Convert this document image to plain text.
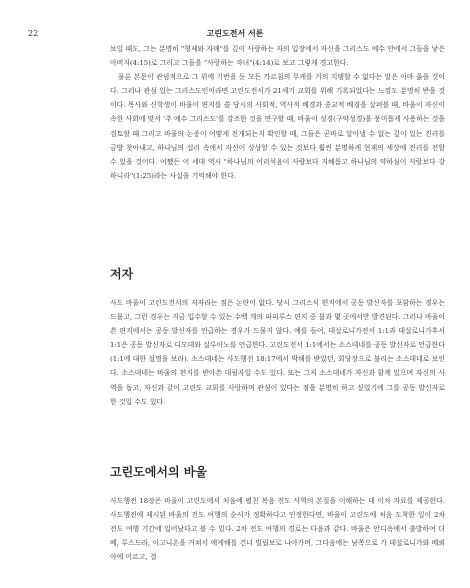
22	고린도전서 서론

보일 때도, 그는 분명히 "형제와 자매"를 깊이 사랑하는 자의 입장에서 자신을 그리스도 예수 안에서 그들을 낳은 아버지(4:15)로 그리고 그들을 "사랑하는 자녀"(4:14)로 보고 그렇게 경고한다.

물론 본문이 관념적으로 그 위에 기반을 둔 모든 가르침의 무게를 거의 지탱할 수 없다는 말은 아마 옳을 것이다. 그러나 관심 있는 그리스도인이라면 고린도전서가 21세기 교회를 위해 기록되었다는 느낌도 분명히 받을 것이다. 목사와 신학생이 바울이 편지를 쓸 당시의 사회적, 역사적 배경과 종교적 배경을 살펴볼 때, 바울이 자신이 속한 사회에 맞서 '주 예수 그리스도'를 강조한 것을 연구할 때, 바울이 성경(구약성경)을 풍미롭게 사용하는 것을 검토할 때 그리고 바울의 논증이 어떻게 전개되는지 확인할 때, 그들은 곧바로 알아낼 수 없는 깊이 있는 진리를 금방 찾아내고, 하나님의 섭리 속에서 자신이 상상할 수 있는 것보다 훨씬 분명하게 현재의 세상에 진리를 전할 수 있을 것이다. 어쨌든 이 세대 역시 "하나님의 어리석음이 사람보다 지혜롭고 하나님의 약하심이 사람보다 강하니라"(1:25)라는 사실을 기억해야 한다.

저자

사도 바울이 고린도전서의 저자라는 점은 논란이 없다. 당시 그리스식 편지에서 공동 발신자를 포함하는 경우는 드물고, 그런 경우는 지금 입수할 수 있는 수백 개의 파피루스 편지 중 불과 몇 곳에서만 발견된다. 그러나 바울이 쓴 편지에서는 공동 발신자를 언급하는 경우가 드물지 않다. 예를 들어, 데살로니가전서 1:1과 데살로니가후서 1:1은 공동 발신자로 디모데와 실루아노를 언급한다. 고린도전서 1:1에서는 소스데네를 공동 발신자로 언급한다(1:1에 대한 설명을 보라). 소스데네는 사도행전 18:17에서 박해를 받았던, 회당장으로 불리는 소스데네로 보인다. 소스데네는 바울의 편지를 받아쓴 대필자일 수도 있다. 또는 그저 소스데네가 자신과 함께 있으며 자신의 사역을 돕고, 자신과 같이 고린도 교회를 사랑하며 관심이 있다는 점을 분명히 하고 싶었기에 그를 공동 발신자로 한 것일 수도 있다.

고린도에서의 바울

사도행전 18장은 바울이 고린도에서 처음에 펼친 복음 전도 사역의 본질을 이해하는 데 이차 자료를 제공한다. 사도행전에 제시된 바울의 전도 여행의 순서가 정확하다고 인정한다면, 바울이 고린도에 처음 도착한 일이 2차 전도 여행 기간에 일어났다고 볼 수 있다. 2차 전도 여행의 경로는 다음과 같다. 바울은 안디옥에서 출발하여 더베, 루스드라, 이고니온을 거쳐서 에게해를 건너 빌립보로 나아가며, 그다음에는 남쪽으로 가 데살로니가와 베뢰아에 이르고, 결
